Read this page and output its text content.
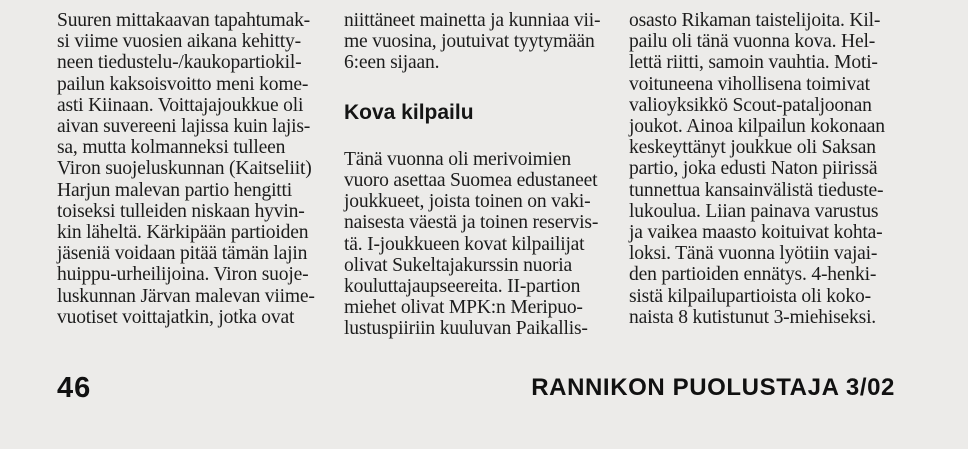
Suuren mittakaavan tapahtumak-
si viime vuosien aikana kehitty-
neen tiedustelu-/kaukopartiokil-
pailun kaksoisvoitto meni kome-
asti Kiinaan. Voittajajoukkue oli
aivan suvereeni lajissa kuin lajis-
sa, mutta kolmanneksi tulleen
Viron suojeluskunnan (Kaitseliit)
Harjun malevan partio hengitti
toiseksi tulleiden niskaan hyvin-
kin läheltä. Kärkipään partioiden
jäseniä voidaan pitää tämän lajin
huippu-urheilijoina. Viron suoje-
luskunnan Järvan malevan viime-
vuotiset voittajatkin, jotka ovat
niittäneet mainetta ja kunniaa vii-
me vuosina, joutuivat tyytymään
6:een sijaan.
Kova kilpailu
Tänä vuonna oli merivoimien
vuoro asettaa Suomea edustaneet
joukkueet, joista toinen on vaki-
naisesta väestä ja toinen reservis-
tä. I-joukkueen kovat kilpailijat
olivat Sukeltajakurssin nuoria
kouluttajaupseereita. II-partion
miehet olivat MPK:n Meripuo-
lustuspiiriin kuuluvan Paikallis-
osasto Rikaman taistelijoita. Kil-
pailu oli tänä vuonna kova. Hel-
lettä riitti, samoin vauhtia. Moti-
voituneena vihollisena toimivat
valioyksikkö Scout-pataljoonan
joukot. Ainoa kilpailun kokonaan
keskeyttänyt joukkue oli Saksan
partio, joka edusti Naton piirissä
tunnettua kansainvälistä tieduste-
lukoulua. Liian painava varustus
ja vaikea maasto koituivat kohta-
loksi. Tänä vuonna lyötiin vajai-
den partioiden ennätys. 4-henki-
sistä kilpailupartioista oli koko-
naista 8 kutistunut 3-miehiseksi.
46	RANNIKON PUOLUSTAJA 3/02
